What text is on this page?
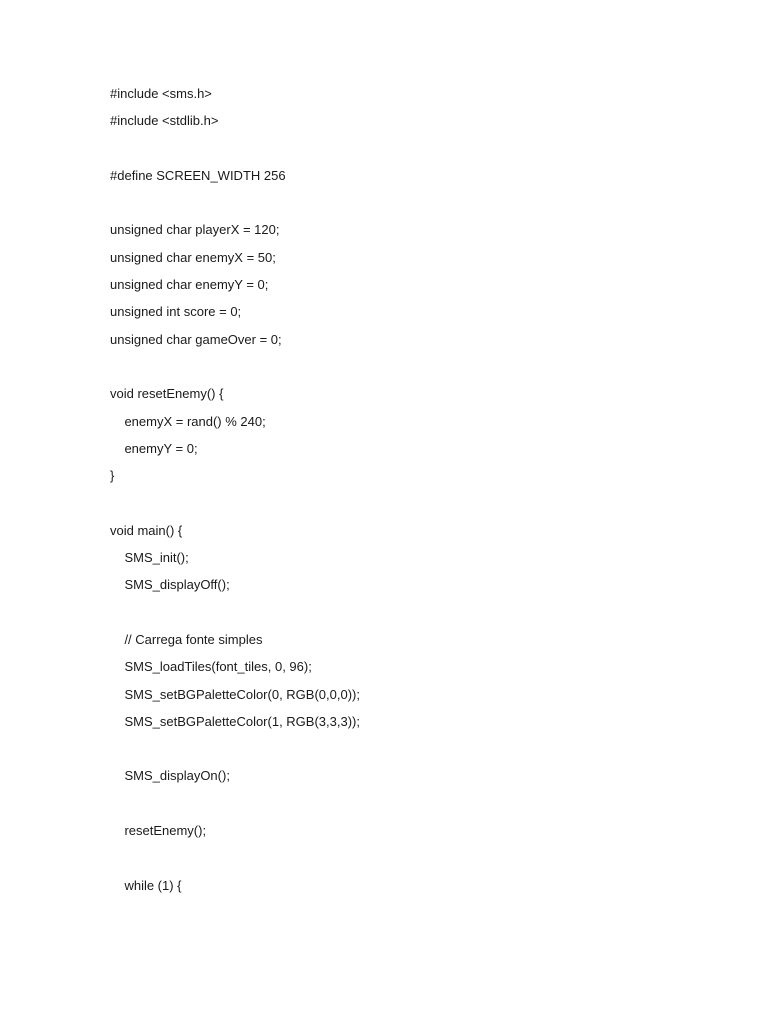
#include <sms.h>
#include <stdlib.h>
#define SCREEN_WIDTH 256
unsigned char playerX = 120;
unsigned char enemyX = 50;
unsigned char enemyY = 0;
unsigned int score = 0;
unsigned char gameOver = 0;
void resetEnemy() {
enemyX = rand() % 240;
enemyY = 0;
}
void main() {
SMS_init();
SMS_displayOff();
// Carrega fonte simples
SMS_loadTiles(font_tiles, 0, 96);
SMS_setBGPaletteColor(0, RGB(0,0,0));
SMS_setBGPaletteColor(1, RGB(3,3,3));
SMS_displayOn();
resetEnemy();
while (1) {
